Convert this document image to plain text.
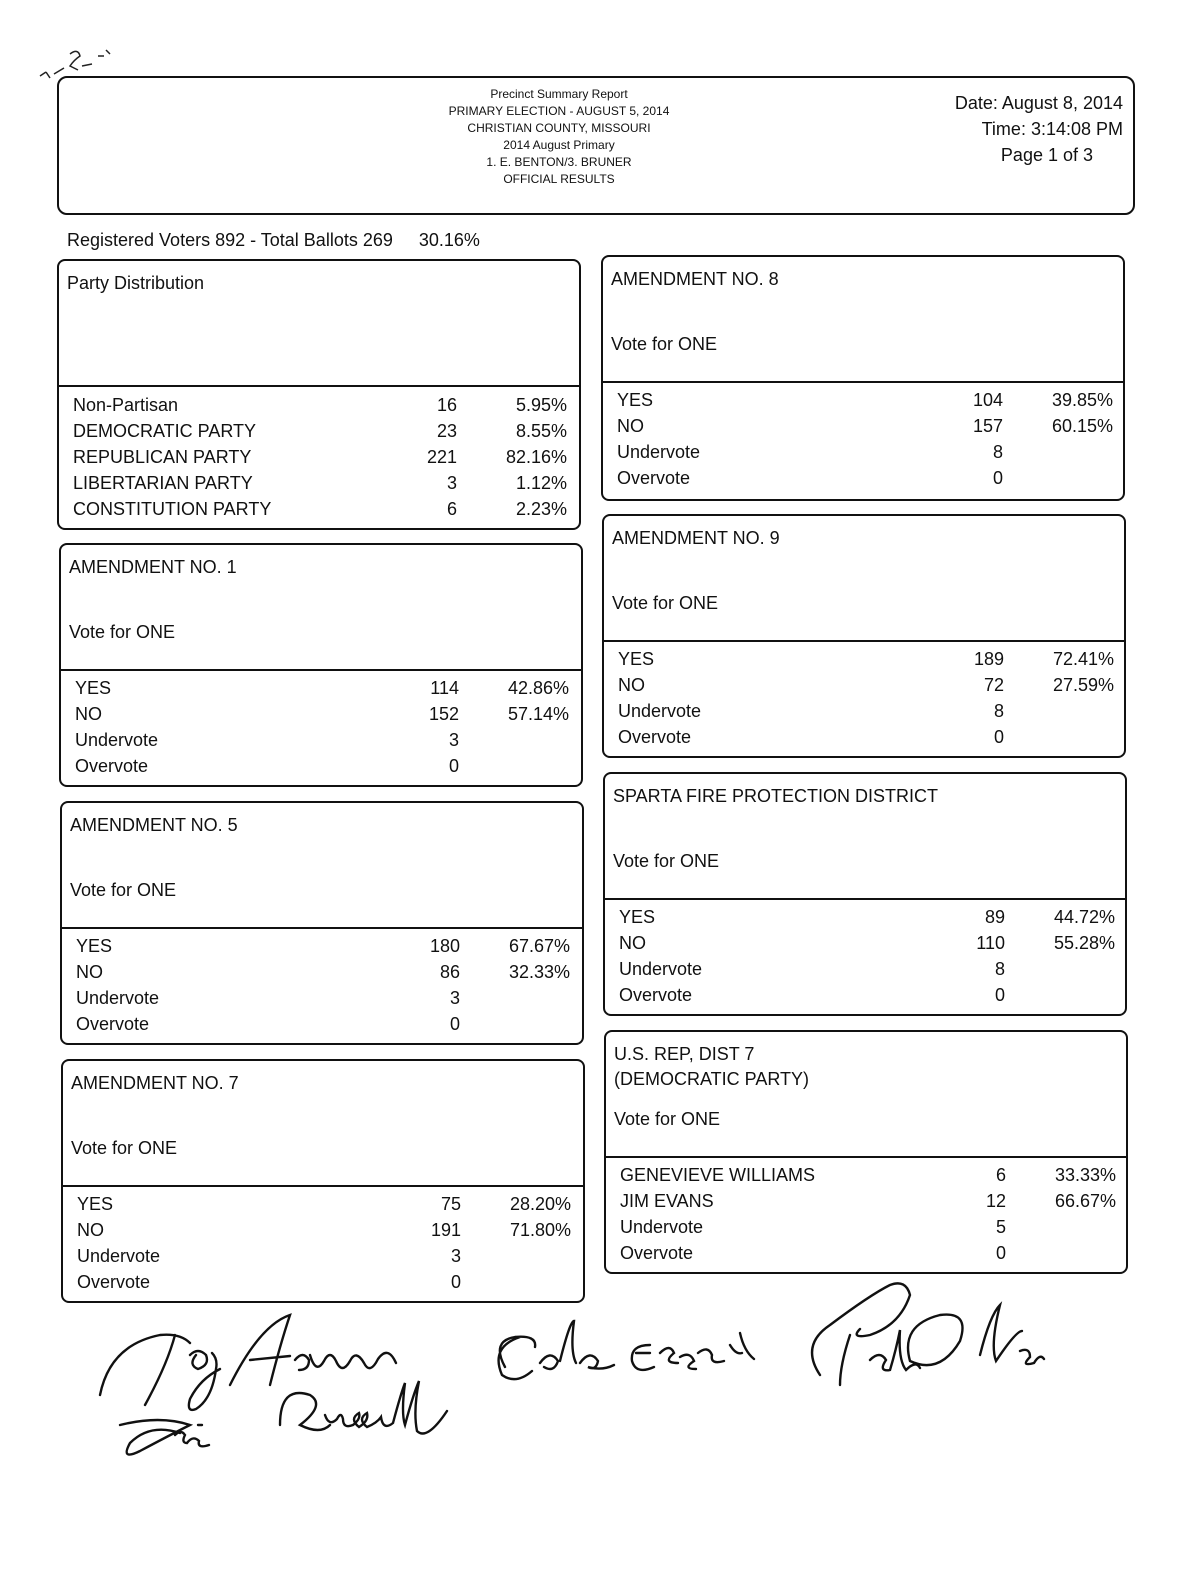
Precinct Summary Report
PRIMARY ELECTION - AUGUST 5, 2014
CHRISTIAN COUNTY, MISSOURI
2014 August Primary
1. E. BENTON/3. BRUNER
OFFICIAL RESULTS
Date: August 8, 2014
Time: 3:14:08 PM
Page 1 of 3
Registered Voters 892 - Total Ballots 269 30.16%
Party Distribution
Non-Partisan	16	5.95%
DEMOCRATIC PARTY	23	8.55%
REPUBLICAN PARTY	221	82.16%
LIBERTARIAN PARTY	3	1.12%
CONSTITUTION PARTY	6	2.23%
AMENDMENT NO. 1
Vote for ONE
YES	114	42.86%
NO	152	57.14%
Undervote	3
Overvote	0
AMENDMENT NO. 5
Vote for ONE
YES	180	67.67%
NO	86	32.33%
Undervote	3
Overvote	0
AMENDMENT NO. 7
Vote for ONE
YES	75	28.20%
NO	191	71.80%
Undervote	3
Overvote	0
AMENDMENT NO. 8
Vote for ONE
YES	104	39.85%
NO	157	60.15%
Undervote	8
Overvote	0
AMENDMENT NO. 9
Vote for ONE
YES	189	72.41%
NO	72	27.59%
Undervote	8
Overvote	0
SPARTA FIRE PROTECTION DISTRICT
Vote for ONE
YES	89	44.72%
NO	110	55.28%
Undervote	8
Overvote	0
U.S. REP, DIST 7
(DEMOCRATIC PARTY)
Vote for ONE
GENEVIEVE WILLIAMS	6	33.33%
JIM EVANS	12	66.67%
Undervote	5
Overvote	0
